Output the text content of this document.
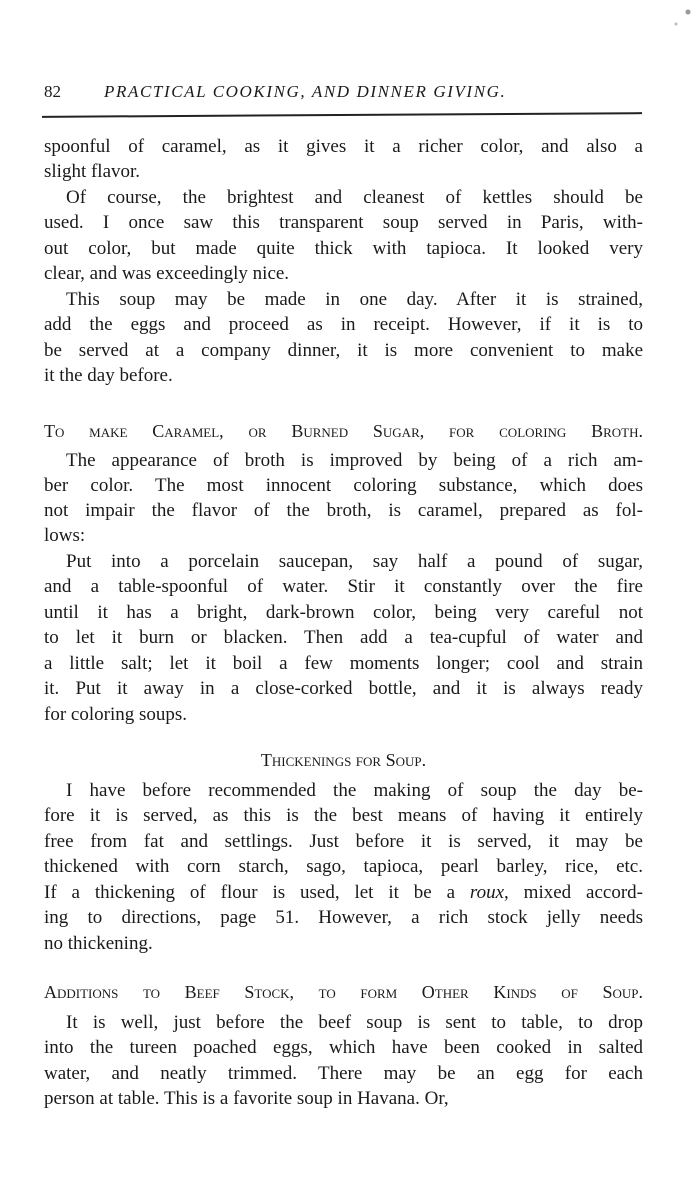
82	PRACTICAL COOKING, AND DINNER GIVING.
spoonful of caramel, as it gives it a richer color, and also a
slight flavor.
Of course, the brightest and cleanest of kettles should be
used. I once saw this transparent soup served in Paris, with-
out color, but made quite thick with tapioca. It looked very
clear, and was exceedingly nice.
This soup may be made in one day. After it is strained,
add the eggs and proceed as in receipt. However, if it is to
be served at a company dinner, it is more convenient to make
it the day before.
To make Caramel, or Burned Sugar, for coloring Broth.
The appearance of broth is improved by being of a rich am-
ber color. The most innocent coloring substance, which does
not impair the flavor of the broth, is caramel, prepared as fol-
lows:
Put into a porcelain saucepan, say half a pound of sugar,
and a table-spoonful of water. Stir it constantly over the fire
until it has a bright, dark-brown color, being very careful not
to let it burn or blacken. Then add a tea-cupful of water and
a little salt; let it boil a few moments longer; cool and strain
it. Put it away in a close-corked bottle, and it is always ready
for coloring soups.
Thickenings for Soup.
I have before recommended the making of soup the day be-
fore it is served, as this is the best means of having it entirely
free from fat and settlings. Just before it is served, it may be
thickened with corn starch, sago, tapioca, pearl barley, rice, etc.
If a thickening of flour is used, let it be a roux, mixed accord-
ing to directions, page 51. However, a rich stock jelly needs
no thickening.
Additions to Beef Stock, to form Other Kinds of Soup.
It is well, just before the beef soup is sent to table, to drop
into the tureen poached eggs, which have been cooked in salted
water, and neatly trimmed. There may be an egg for each
person at table. This is a favorite soup in Havana. Or,
